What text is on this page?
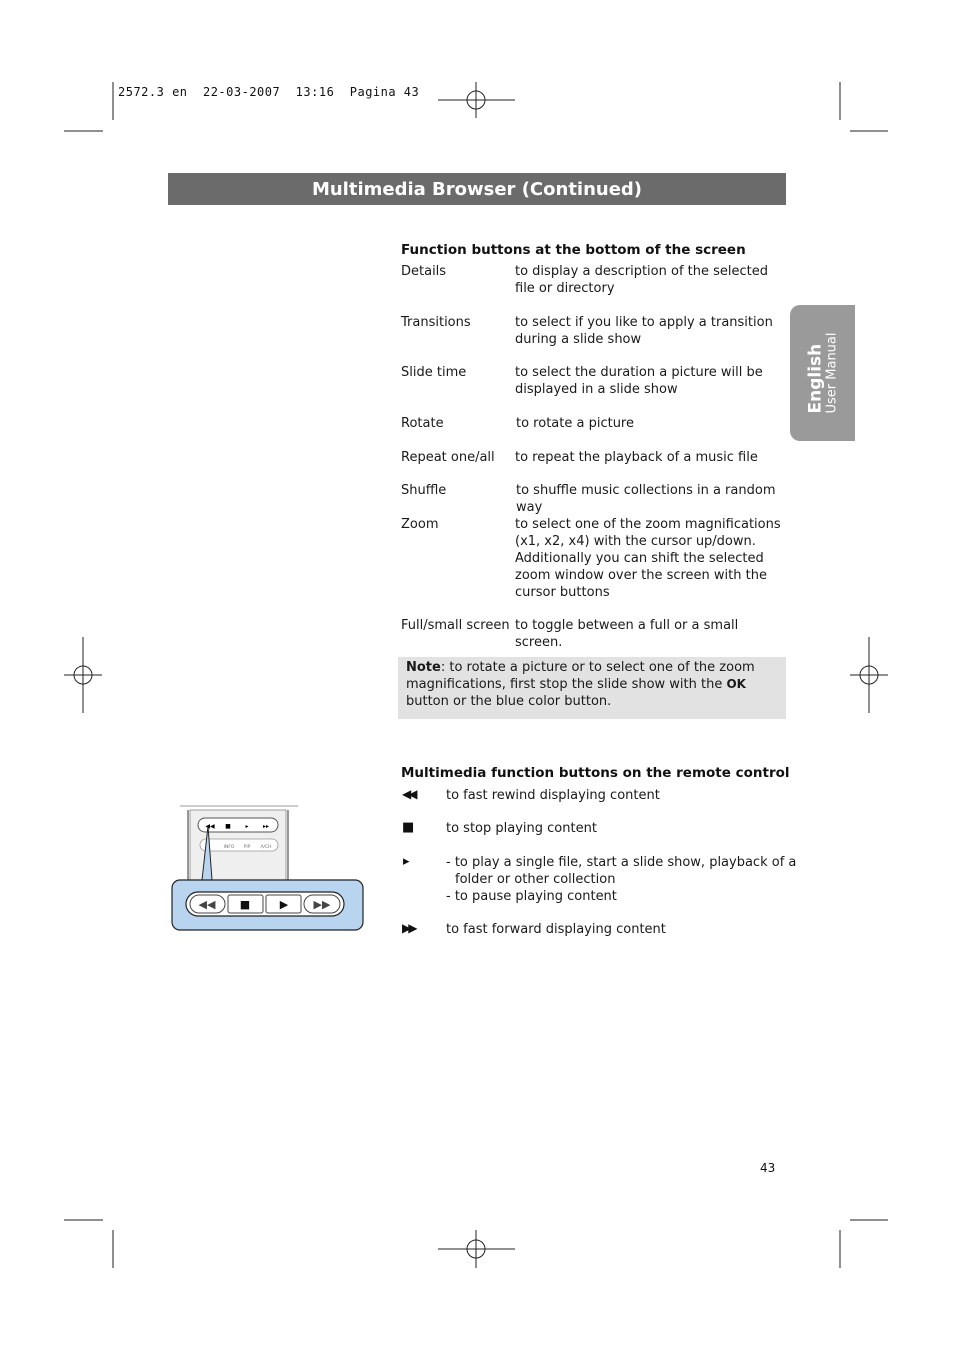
2572.3 en  22-03-2007  13:16  Pagina 43
Multimedia Browser (Continued)
English User Manual
Function buttons at the bottom of the screen
Details	to display a description of the selected file or directory
Transitions	to select if you like to apply a transition during a slide show
Slide time	to select the duration a picture will be displayed in a slide show
Rotate	to rotate a picture
Repeat one/all to repeat the playback of a music file
Shuffle	to shuffle music collections in a random way
Zoom	to select one of the zoom magnifications (x1, x2, x4) with the cursor up/down. Additionally you can shift the selected zoom window over the screen with the cursor buttons
Full/small screen to toggle between a full or a small screen.
Note: to rotate a picture or to select one of the zoom magnifications, first stop the slide show with the OK button or the blue color button.
Multimedia function buttons on the remote control
◀◀ to fast rewind displaying content
■ to stop playing content
▸	- to play a single file, start a slide show, playback of a
folder or other collection
- to pause playing content
▶▶ to fast forward displaying content
◀◀ ■ ▸ ▸▸
INFO PIP A/CH
◀◀ ■	▶ ▶▶
43
